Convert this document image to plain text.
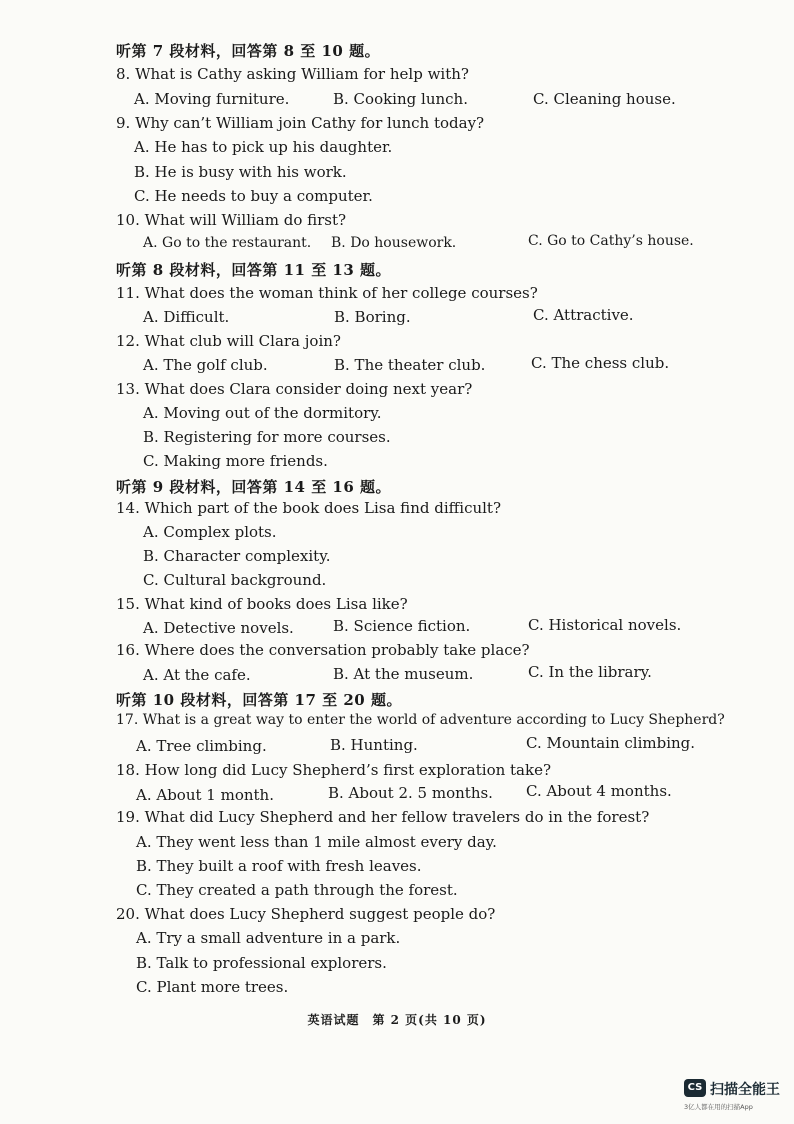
听第 7 段材料，回答第 8 至 10 题。
8. What is Cathy asking William for help with?
A. Moving furniture.	B. Cooking lunch.	C. Cleaning house.
9. Why can’t William join Cathy for lunch today?
A. He has to pick up his daughter.
B. He is busy with his work.
C. He needs to buy a computer.
10. What will William do first?
A. Go to the restaurant. B. Do housework.	C. Go to Cathy’s house.
听第 8 段材料，回答第 11 至 13 题。
11. What does the woman think of her college courses?
A. Difficult.	B. Boring.	C. Attractive.
12. What club will Clara join?
A. The golf club.	B. The theater club.	C. The chess club.
13. What does Clara consider doing next year?
A. Moving out of the dormitory.
B. Registering for more courses.
C. Making more friends.
听第 9 段材料，回答第 14 至 16 题。
14. Which part of the book does Lisa find difficult?
A. Complex plots.
B. Character complexity.
C. Cultural background.
15. What kind of books does Lisa like?
A. Detective novels.	B. Science fiction.	C. Historical novels.
16. Where does the conversation probably take place?
A. At the cafe.	B. At the museum.	C. In the library.
听第 10 段材料，回答第 17 至 20 题。
17. What is a great way to enter the world of adventure according to Lucy Shepherd?
A. Tree climbing.	B. Hunting.	C. Mountain climbing.
18. How long did Lucy Shepherd’s first exploration take?
A. About 1 month.	B. About 2. 5 months. C. About 4 months.
19. What did Lucy Shepherd and her fellow travelers do in the forest?
A. They went less than 1 mile almost every day.
B. They built a roof with fresh leaves.
C. They created a path through the forest.
20. What does Lucy Shepherd suggest people do?
A. Try a small adventure in a park.
B. Talk to professional explorers.
C. Plant more trees.
英语试题　第 2 页(共 10 页)
CS 扫描全能王
3亿人都在用的扫描App
